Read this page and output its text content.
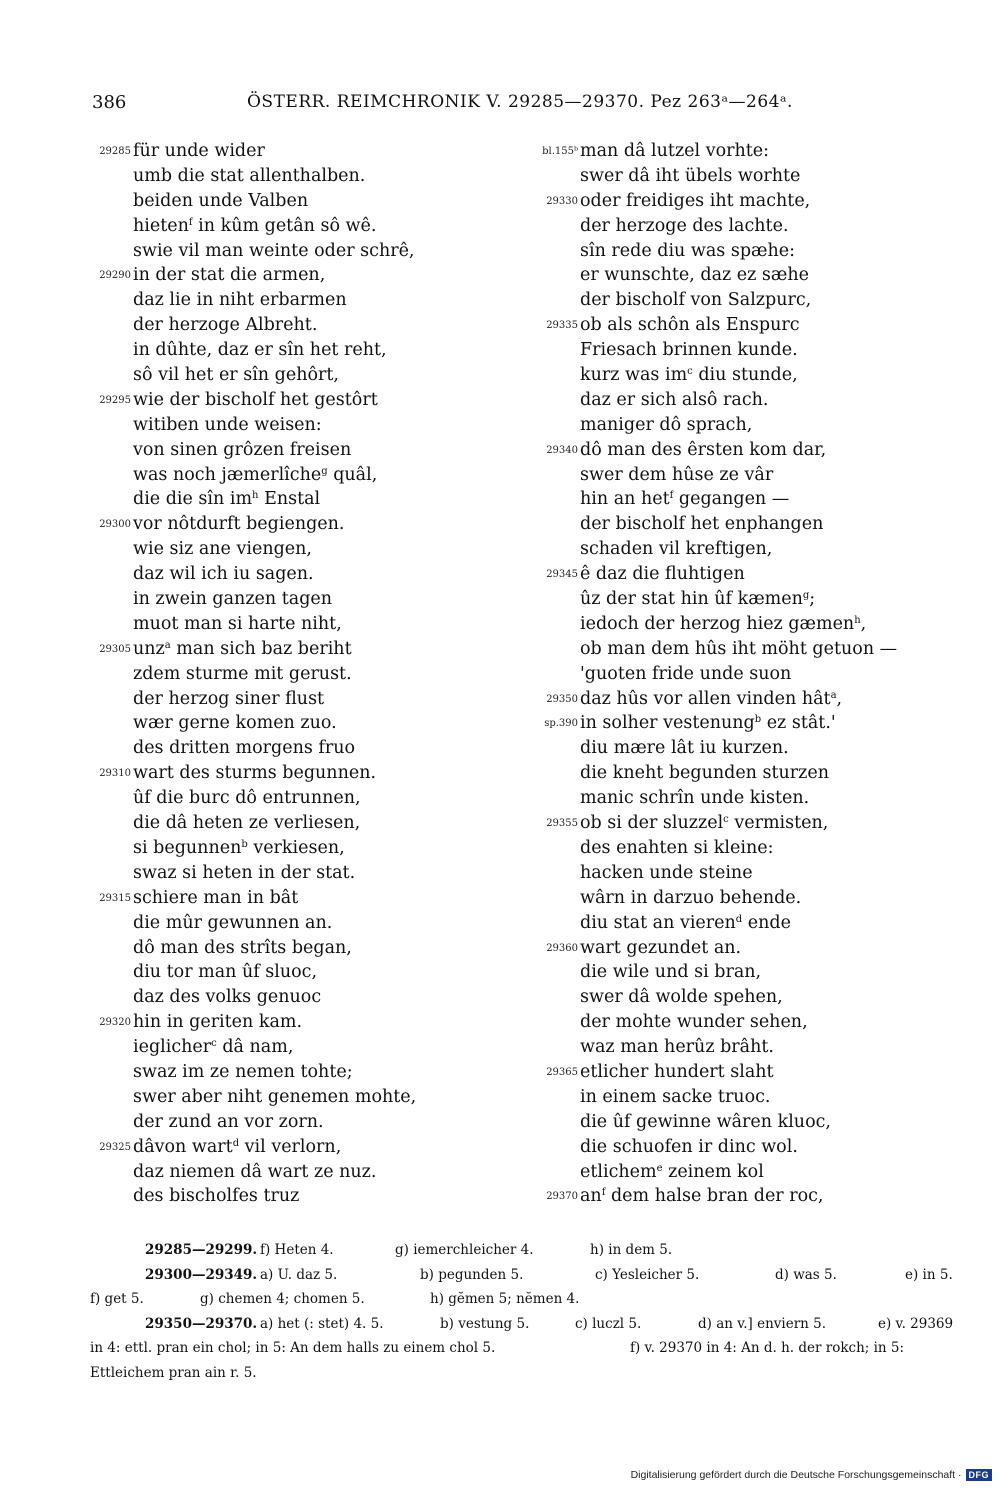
386	ÖSTERR. REIMCHRONIK V. 29285—29370. Pez 263ᵃ—264ᵃ.
29285 für unde wider
umb die stat allenthalben.
beiden unde Valben
hieten$^f$ in kûm getân sô wê.
swie vil man weinte oder schrê,
29290 in der stat die armen,
daz lie in niht erbarmen
der herzoge Albreht.
in dûhte, daz er sîn het reht,
sô vil het er sîn gehôrt,
29295 wie der bischolf het gestôrt
witiben unde weisen:
von sinen grôzen freisen
was noch jæmerlîche$^g$ quâl,
die die sîn $im^h$ Enstal
29300 vor nôtdurft begiengen.
wie siz ane viengen,
daz wil ich iu sagen.
in zwein ganzen tagen
muot man si harte niht,
29305 unz$^a$ man sich baz beriht
zdem sturme mit gerust.
der herzog siner flust
wær gerne komen zuo.
des dritten morgens fruo
29310 wart des sturms begunnen.
ûf die burc dô entrunnen,
die dâ heten ze verliesen,
si begunnen$^b$ verkiesen,
swaz si heten in der stat.
29315 schiere man in bât
die mûr gewunnen an.
dô man des strîts began,
diu tor man ûf sluoc,
daz des volks genuoc
29320 hin in geriten kam.
ieglicher$^c$ dâ nam,
swaz im ze nemen tohte;
swer aber niht genemen mohte,
der zund an vor zorn.
29325 dâvon wart$^d$ vil verlorn,
daz niemen dâ wart ze nuz.
des bischolfes truz
bl.155ᵇ man dâ lutzel vorhte:
swer dâ iht übels worhte
29330 oder freidiges iht machte,
der herzoge des lachte.
sîn rede diu was spæhe:
er wunschte, daz ez sæhe
der bischolf von Salzpurc,
29335 ob als schôn als Enspurc
Friesach brinnen kunde.
kurz was $im^c$ diu stunde,
daz er sich alsô rach.
maniger dô sprach,
29340 dô man des êrsten kom dar,
swer dem hûse ze vâr
hin an het$^f$ gegangen —
der bischolf het enphangen
schaden vil kreftigen,
29345 ê daz die fluhtigen
ûz der stat hin ûf kæmen$^g$;
iedoch der herzog hiez gæmen$^h$,
ob man dem hûs iht möht getuon —
'guoten fride unde suon
29350 daz hûs vor allen vinden hât$^a$,
sp.390 in solher vestenung$^b$ ez stât.'
diu mære lât iu kurzen.
die kneht begunden sturzen
manic schrîn unde kisten.
29355 ob si der sluzzel$^c$ vermisten,
des enahten si kleine:
hacken unde steine
wârn in darzuo behende.
diu stat an vieren$^d$ ende
29360 wart gezundet an.
die wile und si bran,
swer dâ wolde spehen,
der mohte wunder sehen,
waz man herûz brâht.
29365 etlicher hundert slaht
in einem sacke truoc.
die ûf gewinne wâren kluoc,
die schuofen ir dinc wol.
etlichem$^e$ zeinem kol
29370 $an^f$ dem halse bran der roc,
29285—29299. f) Heten 4.	g) iemerchleicher 4.	h) in dem 5.
29300—29349. a) U. daz 5.	b) pegunden 5.	c) Yesleicher 5.	d) was 5.	e) in 5.
f) get 5.	g) chemen 4; chomen 5.	h) gĕmen 5; nĕmen 4.
29350—29370. a) het (: stet) 4. 5.	b) vestung 5.	c) luczl 5.	d) an v.] enviern 5.	e) v. 29369
in 4: ettl. pran ein chol; in 5: An dem halls zu einem chol 5.	f) v. 29370 in 4: An d. h. der rokch; in 5:
Ettleichem pran ain r. 5.
Digitalisierung gefördert durch die Deutsche Forschungsgemeinschaft · DFG
